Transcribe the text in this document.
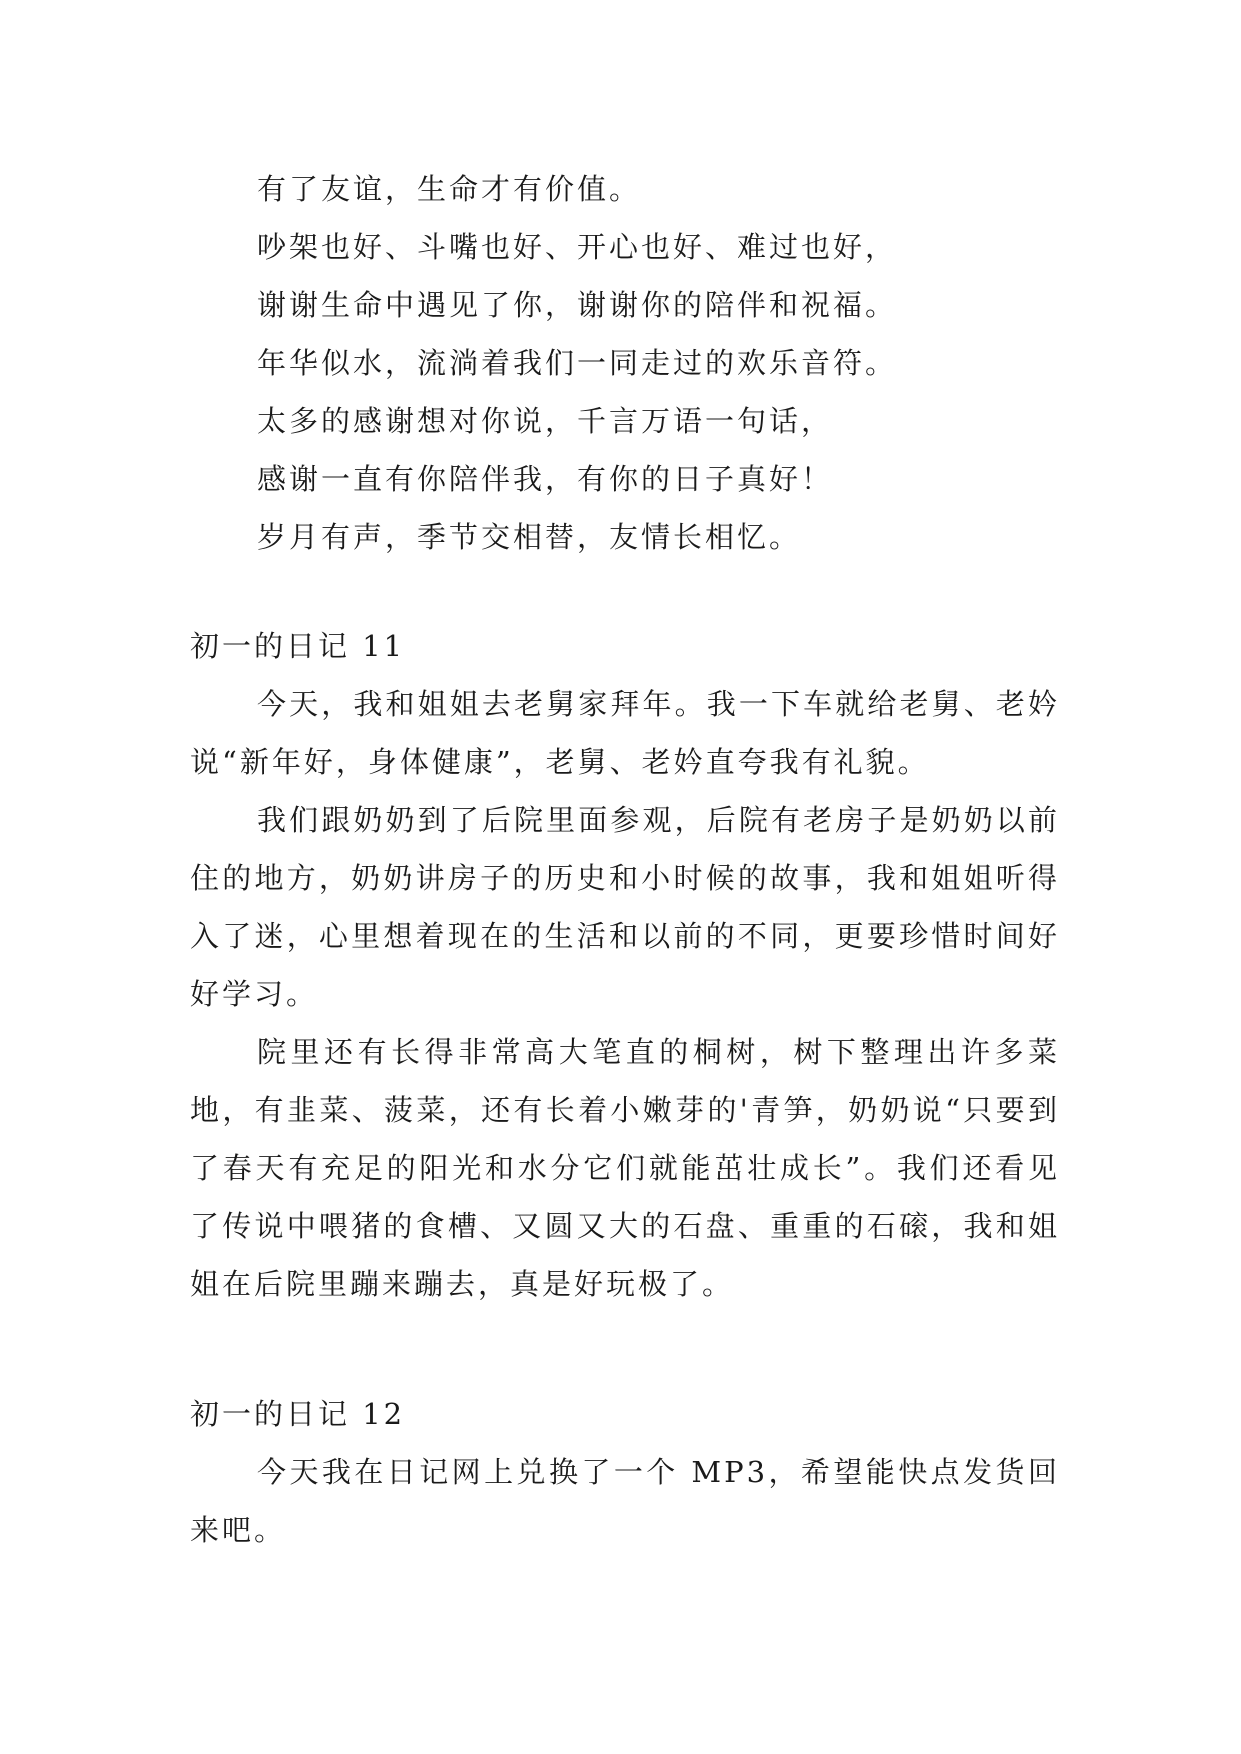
有了友谊，生命才有价值。
吵架也好、斗嘴也好、开心也好、难过也好，
谢谢生命中遇见了你，谢谢你的陪伴和祝福。
年华似水，流淌着我们一同走过的欢乐音符。
太多的感谢想对你说，千言万语一句话，
感谢一直有你陪伴我，有你的日子真好！
岁月有声，季节交相替，友情长相忆。
初一的日记 11

今天，我和姐姐去老舅家拜年。我一下车就给老舅、老妗说“新年好，身体健康”，老舅、老妗直夸我有礼貌。

我们跟奶奶到了后院里面参观，后院有老房子是奶奶以前住的地方，奶奶讲房子的历史和小时候的故事，我和姐姐听得入了迷，心里想着现在的生活和以前的不同，更要珍惜时间好好学习。

院里还有长得非常高大笔直的桐树，树下整理出许多菜地，有韭菜、菠菜，还有长着小嫩芽的'青笋，奶奶说“只要到了春天有充足的阳光和水分它们就能茁壮成长”。我们还看见了传说中喂猪的食槽、又圆又大的石盘、重重的石磙，我和姐姐在后院里蹦来蹦去，真是好玩极了。

初一的日记 12

今天我在日记网上兑换了一个 MP3，希望能快点发货回来吧。
